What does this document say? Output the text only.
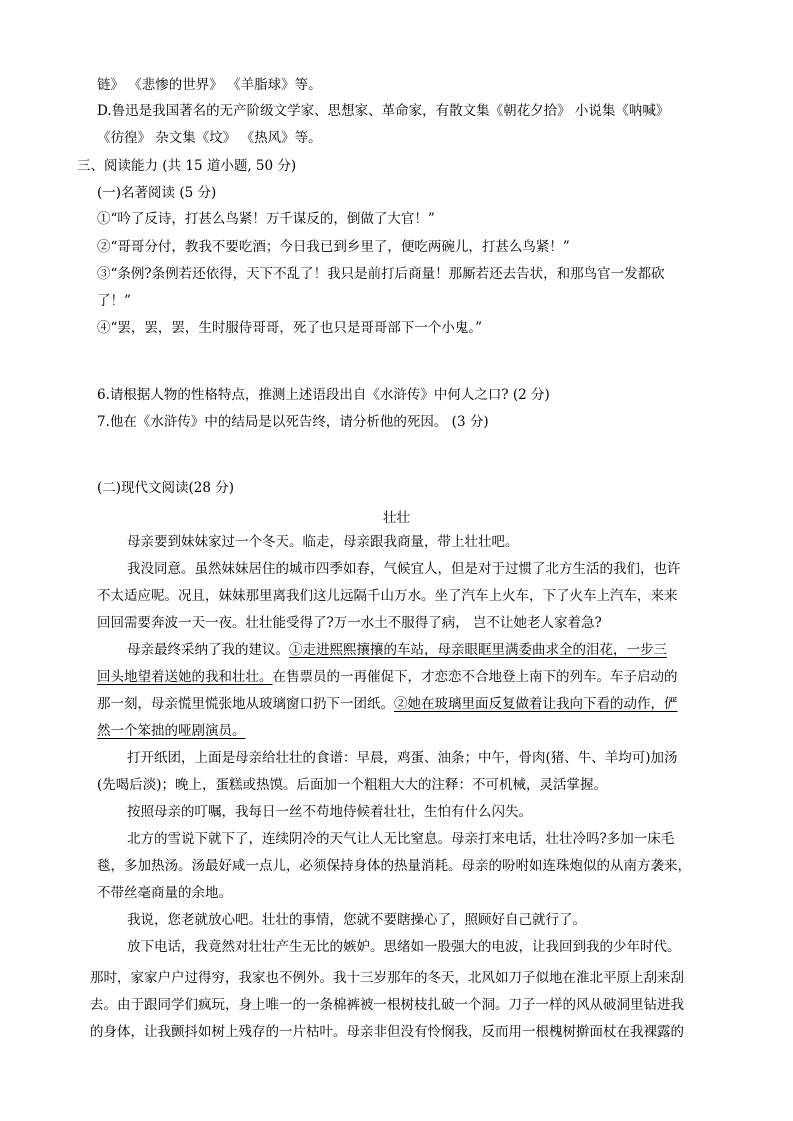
链》 《悲惨的世界》 《羊脂球》等。
D.鲁迅是我国著名的无产阶级文学家、思想家、革命家，有散文集《朝花夕拾》 小说集《呐喊》
《彷徨》 杂文集《坟》 《热风》等。
三、阅读能力 (共 15 道小题, 50 分)
(一)名著阅读 (5 分)
①“吟了反诗，打甚么鸟紧！万千谋反的，倒做了大官！”
②“哥哥分付，教我不要吃酒；今日我已到乡里了，便吃两碗儿，打甚么鸟紧！”
③“条例?条例若还依得，天下不乱了！我只是前打后商量！那厮若还去告状，和那鸟官一发都砍
了！”
④“罢，罢，罢，生时服侍哥哥，死了也只是哥哥部下一个小鬼。”
6.请根据人物的性格特点，推测上述语段出自《水浒传》中何人之口? (2 分)
7.他在《水浒传》中的结局是以死告终，请分析他的死因。 (3 分)
(二)现代文阅读(28 分)
壮壮
母亲要到妹妹家过一个冬天。临走，母亲跟我商量，带上壮壮吧。
我没同意。虽然妹妹居住的城市四季如春，气候宜人，但是对于过惯了北方生活的我们，也许
不太适应呢。况且，妹妹那里离我们这儿远隔千山万水。坐了汽车上火车，下了火车上汽车，来来
回回需要奔波一天一夜。壮壮能受得了?万一水土不服得了病， 岂不让她老人家着急?
母亲最终采纳了我的建议。①走进熙熙攘攘的车站，母亲眼眶里满委曲求全的泪花，一步三
回头地望着送她的我和壮壮。在售票员的一再催促下，才恋恋不合地登上南下的列车。车子启动的
那一刻，母亲慌里慌张地从玻璃窗口扔下一团纸。②她在玻璃里面反复做着让我向下看的动作，俨
然一个笨拙的哑剧演员。
打开纸团，上面是母亲给壮壮的食谱：早晨，鸡蛋、油条；中午，骨肉(猪、牛、羊均可)加汤
(先喝后淡)；晚上，蛋糕或热馍。后面加一个粗粗大大的注释：不可机械，灵活掌握。
按照母亲的叮嘱，我每日一丝不苟地侍候着壮壮，生怕有什么闪失。
北方的雪说下就下了，连续阴冷的天气让人无比窒息。母亲打来电话，壮壮冷吗?多加一床毛
毯，多加热汤。汤最好咸一点儿，必须保持身体的热量消耗。母亲的吩咐如连珠炮似的从南方袭来，
不带丝毫商量的余地。
我说，您老就放心吧。壮壮的事情，您就不要瞎操心了，照顾好自己就行了。
放下电话，我竟然对壮壮产生无比的嫉妒。思绪如一股强大的电波，让我回到我的少年时代。
那时，家家户户过得穷，我家也不例外。我十三岁那年的冬天，北风如刀子似地在淮北平原上刮来刮
去。由于跟同学们疯玩，身上唯一的一条棉裤被一根树枝扎破一个洞。刀子一样的风从破洞里钻进我
的身体，让我颤抖如树上残存的一片枯叶。母亲非但没有怜悯我，反而用一根槐树擀面杖在我裸露的
